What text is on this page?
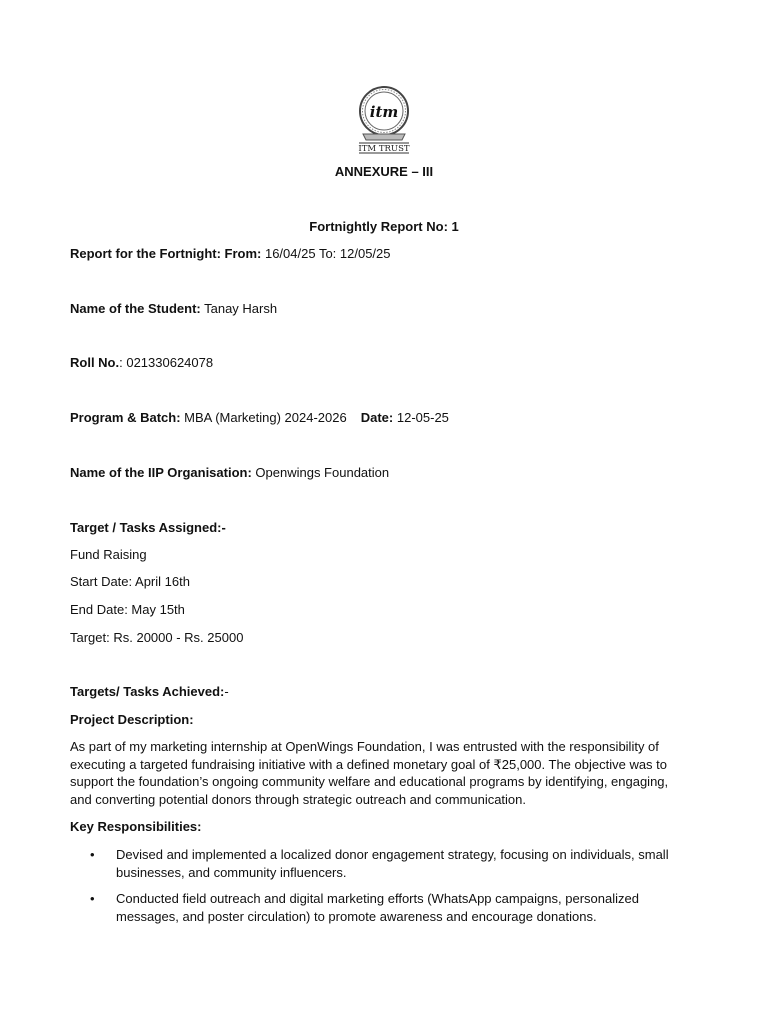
itm
ITM TRUST
ANNEXURE – III
Fortnightly Report No: 1
Report for the Fortnight: From: 16/04/25 To: 12/05/25
Name of the Student: Tanay Harsh
Roll No.: 021330624078
Program & Batch: MBA (Marketing) 2024-2026 Date: 12-05-25
Name of the IIP Organisation: Openwings Foundation
Target / Tasks Assigned:-
Fund Raising
Start Date: April 16th
End Date: May 15th
Target: Rs. 20000 - Rs. 25000
Targets/ Tasks Achieved:-
Project Description:
As part of my marketing internship at OpenWings Foundation, I was entrusted with the responsibility of executing a targeted fundraising initiative with a defined monetary goal of ₹25,000. The objective was to support the foundation’s ongoing community welfare and educational programs by identifying, engaging, and converting potential donors through strategic outreach and communication.
Key Responsibilities:
• Devised and implemented a localized donor engagement strategy, focusing on individuals, small businesses, and community influencers.
• Conducted field outreach and digital marketing efforts (WhatsApp campaigns, personalized messages, and poster circulation) to promote awareness and encourage donations.
